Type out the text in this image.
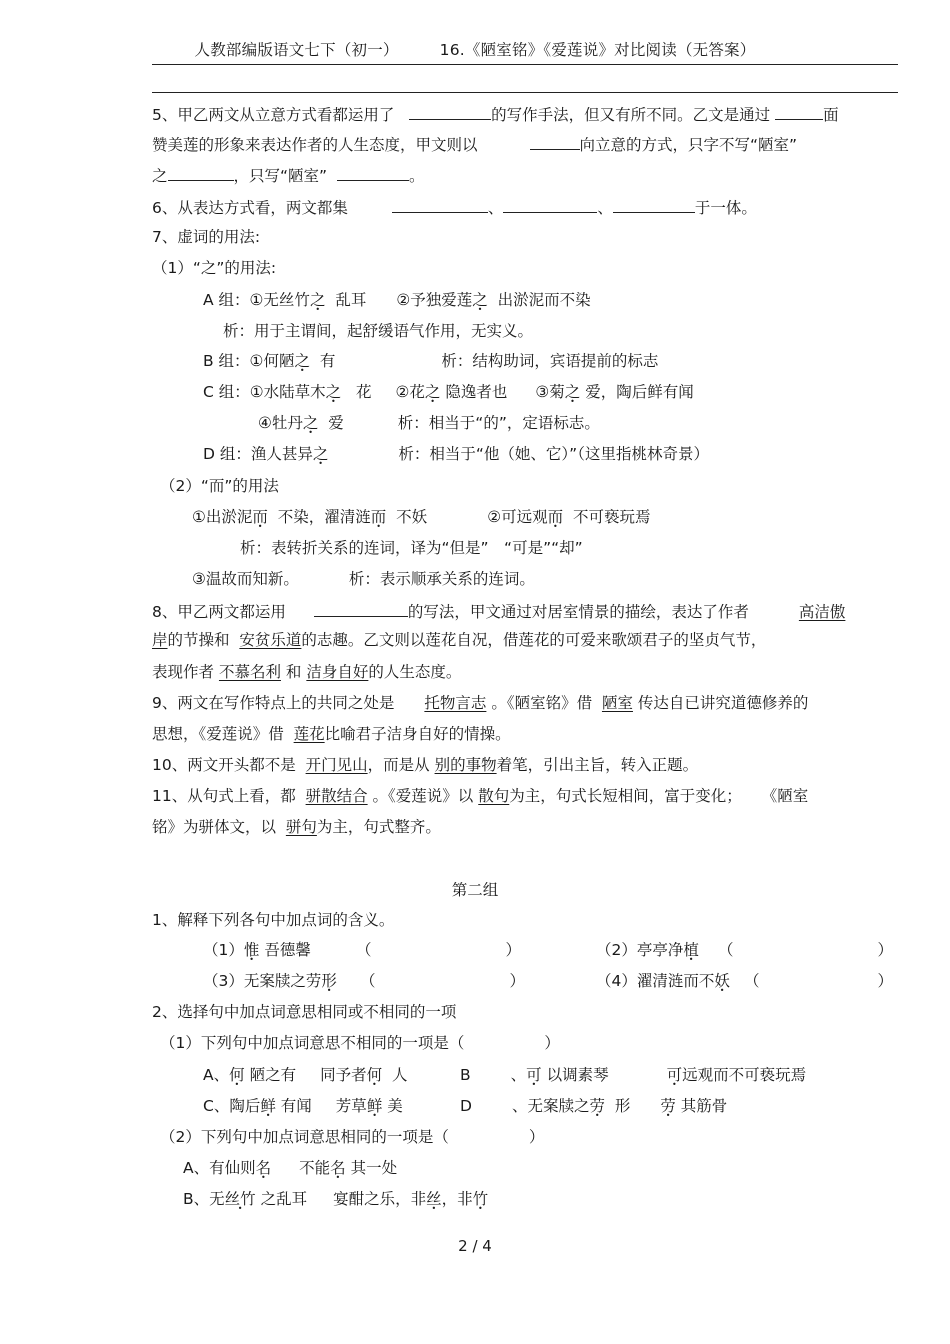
人教部编版语文七下（初一）	16.《陋室铭》《爱莲说》对比阅读（无答案）
5、甲乙两文从立意方式看都运用了	的写作手法，但又有所不同。乙文是通过	面
赞美莲的形象来表达作者的人生态度，甲文则以	向立意的方式，只字不写“陋室”
之	，只写“陋室”	。
6、从表达方式看，两文都集	、	、	于一体。
7、虚词的用法:
（1）“之”的用法:
A 组：①无丝竹之 乱耳 ②予独爱莲之 出淤泥而不染
析：用于主谓间，起舒缓语气作用，无实义。
B 组：①何陋之 有	析：结构助词，宾语提前的标志
C 组：①水陆草木之 花 ②花之 隐逸者也 ③菊之 爱，陶后鲜有闻
④牡丹之 爱	析：相当于“的”，定语标志。
D 组：渔人甚异之	析：相当于“他（她、它）”（这里指桃林奇景）
（2）“而”的用法
①出淤泥而 不染，濯清涟而 不妖	②可远观而 不可亵玩焉
析：表转折关系的连词，译为“但是”　“可是”“却”
③温故而知新。	析：表示顺承关系的连词。
8、甲乙两文都运用	的写法，甲文通过对居室情景的描绘，表达了作者	高洁傲
岸的节操和 安贫乐道的志趣。乙文则以莲花自况，借莲花的可爱来歌颂君子的坚贞气节，
表现作者 不慕名利 和 洁身自好的人生态度。
9、两文在写作特点上的共同之处是 托物言志 。《陋室铭》借 陋室 传达自已讲究道德修养的
思想，《爱莲说》借 莲花比喻君子洁身自好的情操。
10、两文开头都不是 开门见山，而是从 别的事物着笔，引出主旨，转入正题。
11、从句式上看，都 骈散结合 。《爱莲说》以 散句为主，句式长短相间，富于变化； 《陋室
铭》为骈体文，以 骈句为主，句式整齐。
第二组
1、解释下列各句中加点词的含义。
（1）惟 吾德馨	（	）	（2）亭亭净植 （	）
（3）无案牍之劳形 （	）	（4）濯清涟而不妖 （	）
2、选择句中加点词意思相同或不相同的一项
（1）下列句中加点词意思不相同的一项是（	）
A、何 陋之有 同予者何 人	B	、可 以调素琴	可远观而不可亵玩焉
C、陶后鲜 有闻 芳草鲜 美	D	、无案牍之劳 形 劳 其筋骨
（2）下列句中加点词意思相同的一项是（	）
A、有仙则名 不能名 其一处
B、无丝竹 之乱耳 宴酣之乐，非丝，非竹
2 / 4
